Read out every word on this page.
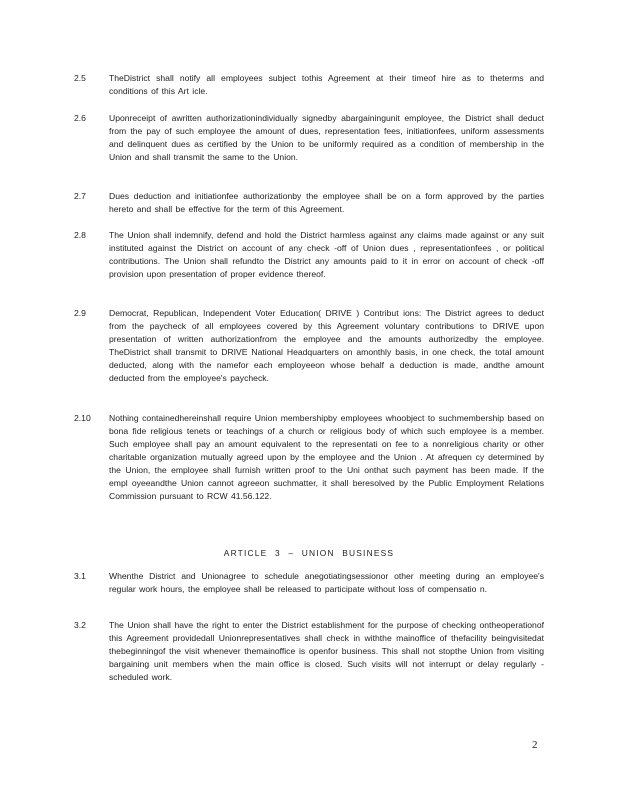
2.5	TheDistrict shall notify all employees subject tothis Agreement at their timeof hire as to theterms and conditions of this Art icle.
2.6	Uponreceipt of awritten authorizationindividually signedby abargainingunit employee, the District shall deduct from the pay of such employee the amount of dues, representation fees, initiationfees, uniform assessments and delinquent dues as certified by the Union to be uniformly required as a condition of membership in the Union and shall transmit the same to the Union.
2.7	Dues deduction and initiationfee authorizationby the employee shall be on a form approved by the parties hereto and shall be effective for the term of this Agreement.
2.8	The Union shall indemnify, defend and hold the District harmless against any claims made against or any suit instituted against the District on account of any check -off of Union dues , representationfees , or political contributions. The Union shall refundto the District any amounts paid to it in error on account of check -off provision upon presentation of proper evidence thereof.
2.9	Democrat, Republican, Independent Voter Education( DRIVE ) Contribut ions: The District agrees to deduct from the paycheck of all employees covered by this Agreement voluntary contributions to DRIVE upon presentation of written authorizationfrom the employee and the amounts authorizedby the employee. TheDistrict shall transmit to DRIVE National Headquarters on amonthly basis, in one check, the total amount deducted, along with the namefor each employeeon whose behalf a deduction is made, andthe amount deducted from the employee's paycheck.
2.10	Nothing containedhereinshall require Union membershipby employees whoobject to suchmembership based on bona fide religious tenets or teachings of a church or religious body of which such employee is a member. Such employee shall pay an amount equivalent to the representati on fee to a nonreligious charity or other charitable organization mutually agreed upon by the employee and the Union . At afrequen cy determined by the Union, the employee shall furnish written proof to the Uni onthat such payment has been made. If the empl oyeeandthe Union cannot agreeon suchmatter, it shall beresolved by the Public Employment Relations Commission pursuant to RCW 41.56.122.
ARTICLE 3 – UNION BUSINESS
3.1	Whenthe District and Unionagree to schedule anegotiatingsessionor other meeting during an employee's regular work hours, the employee shall be released to participate without loss of compensatio n.
3.2	The Union shall have the right to enter the District establishment for the purpose of checking ontheoperationof this Agreement providedall Unionrepresentatives shall check in withthe mainoffice of thefacility beingvisitedat thebeginningof the visit whenever themainoffice is openfor business. This shall not stopthe Union from visiting bargaining unit members when the main office is closed. Such visits will not interrupt or delay regularly -scheduled work.
2
